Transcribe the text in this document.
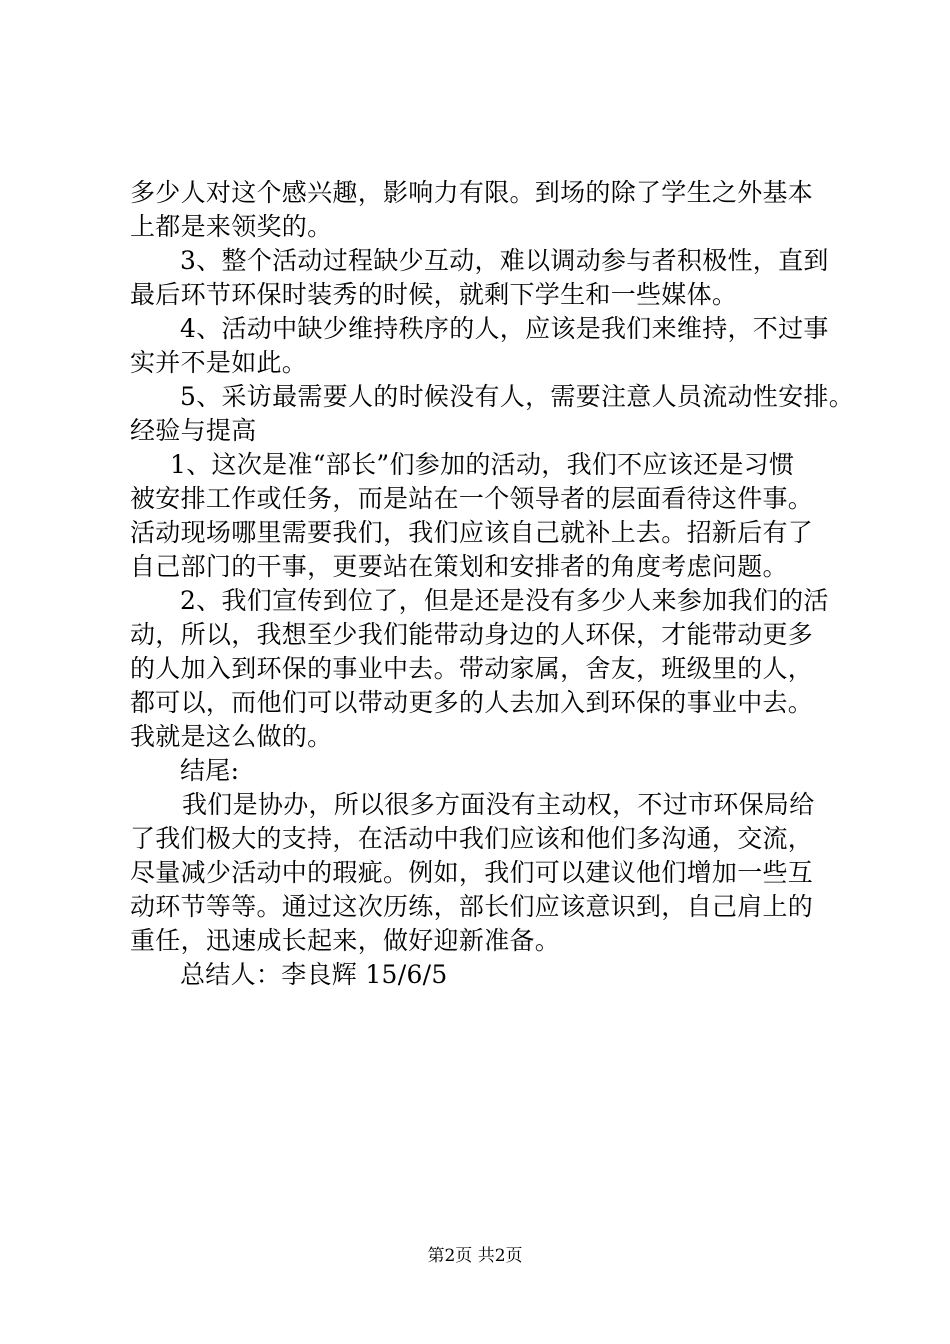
多少人对这个感兴趣，影响力有限。到场的除了学生之外基本
上都是来领奖的。
3、整个活动过程缺少互动，难以调动参与者积极性，直到
最后环节环保时装秀的时候，就剩下学生和一些媒体。
4、活动中缺少维持秩序的人，应该是我们来维持，不过事
实并不是如此。
5、采访最需要人的时候没有人，需要注意人员流动性安排。
经验与提高
1、这次是准“部长”们参加的活动，我们不应该还是习惯
被安排工作或任务，而是站在一个领导者的层面看待这件事。
活动现场哪里需要我们，我们应该自己就补上去。招新后有了
自己部门的干事，更要站在策划和安排者的角度考虑问题。
2、我们宣传到位了，但是还是没有多少人来参加我们的活
动，所以，我想至少我们能带动身边的人环保，才能带动更多
的人加入到环保的事业中去。带动家属，舍友，班级里的人，
都可以，而他们可以带动更多的人去加入到环保的事业中去。
我就是这么做的。
结尾:
我们是协办，所以很多方面没有主动权，不过市环保局给
了我们极大的支持，在活动中我们应该和他们多沟通，交流，
尽量减少活动中的瑕疵。例如，我们可以建议他们增加一些互
动环节等等。通过这次历练，部长们应该意识到，自己肩上的
重任，迅速成长起来，做好迎新准备。
总结人：李良辉 15/6/5
第2页 共2页
